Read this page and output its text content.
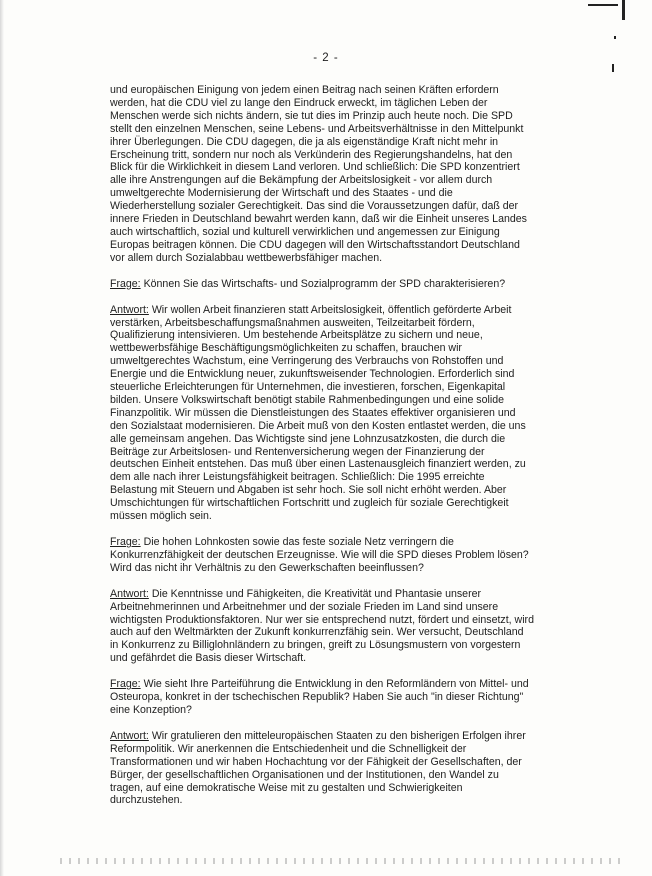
- 2 -

und europäischen Einigung von jedem einen Beitrag nach seinen Kräften erfordern werden, hat die CDU viel zu lange den Eindruck erweckt, im täglichen Leben der Menschen werde sich nichts ändern, sie tut dies im Prinzip auch heute noch. Die SPD stellt den einzelnen Menschen, seine Lebens- und Arbeitsverhältnisse in den Mittelpunkt ihrer Überlegungen. Die CDU dagegen, die ja als eigenständige Kraft nicht mehr in Erscheinung tritt, sondern nur noch als Verkünderin des Regierungshandelns, hat den Blick für die Wirklichkeit in diesem Land verloren. Und schließlich: Die SPD konzentriert alle ihre Anstrengungen auf die Bekämpfung der Arbeitslosigkeit - vor allem durch umweltgerechte Modernisierung der Wirtschaft und des Staates - und die Wiederherstellung sozialer Gerechtigkeit. Das sind die Voraussetzungen dafür, daß der innere Frieden in Deutschland bewahrt werden kann, daß wir die Einheit unseres Landes auch wirtschaftlich, sozial und kulturell verwirklichen und angemessen zur Einigung Europas beitragen können. Die CDU dagegen will den Wirtschaftsstandort Deutschland vor allem durch Sozialabbau wettbewerbsfähiger machen.

Frage: Können Sie das Wirtschafts- und Sozialprogramm der SPD charakterisieren?

Antwort: Wir wollen Arbeit finanzieren statt Arbeitslosigkeit, öffentlich geförderte Arbeit verstärken, Arbeitsbeschaffungsmaßnahmen ausweiten, Teilzeitarbeit fördern, Qualifizierung intensivieren. Um bestehende Arbeitsplätze zu sichern und neue, wettbewerbsfähige Beschäftigungsmöglichkeiten zu schaffen, brauchen wir umweltgerechtes Wachstum, eine Verringerung des Verbrauchs von Rohstoffen und Energie und die Entwicklung neuer, zukunftsweisender Technologien. Erforderlich sind steuerliche Erleichterungen für Unternehmen, die investieren, forschen, Eigenkapital bilden. Unsere Volkswirtschaft benötigt stabile Rahmenbedingungen und eine solide Finanzpolitik. Wir müssen die Dienstleistungen des Staates effektiver organisieren und den Sozialstaat modernisieren. Die Arbeit muß von den Kosten entlastet werden, die uns alle gemeinsam angehen. Das Wichtigste sind jene Lohnzusatzkosten, die durch die Beiträge zur Arbeitslosen- und Rentenversicherung wegen der Finanzierung der deutschen Einheit entstehen. Das muß über einen Lastenausgleich finanziert werden, zu dem alle nach ihrer Leistungsfähigkeit beitragen. Schließlich: Die 1995 erreichte Belastung mit Steuern und Abgaben ist sehr hoch. Sie soll nicht erhöht werden. Aber Umschichtungen für wirtschaftlichen Fortschritt und zugleich für soziale Gerechtigkeit müssen möglich sein.

Frage: Die hohen Lohnkosten sowie das feste soziale Netz verringern die Konkurrenzfähigkeit der deutschen Erzeugnisse. Wie will die SPD dieses Problem lösen? Wird das nicht ihr Verhältnis zu den Gewerkschaften beeinflussen?

Antwort: Die Kenntnisse und Fähigkeiten, die Kreativität und Phantasie unserer Arbeitnehmerinnen und Arbeitnehmer und der soziale Frieden im Land sind unsere wichtigsten Produktionsfaktoren. Nur wer sie entsprechend nutzt, fördert und einsetzt, wird auch auf den Weltmärkten der Zukunft konkurrenzfähig sein. Wer versucht, Deutschland in Konkurrenz zu Billiglohnländern zu bringen, greift zu Lösungsmustern von vorgestern und gefährdet die Basis dieser Wirtschaft.

Frage: Wie sieht Ihre Parteiführung die Entwicklung in den Reformländern von Mittel- und Osteuropa, konkret in der tschechischen Republik? Haben Sie auch "in dieser Richtung" eine Konzeption?

Antwort: Wir gratulieren den mitteleuropäischen Staaten zu den bisherigen Erfolgen ihrer Reformpolitik. Wir anerkennen die Entschiedenheit und die Schnelligkeit der Transformationen und wir haben Hochachtung vor der Fähigkeit der Gesellschaften, der Bürger, der gesellschaftlichen Organisationen und der Institutionen, den Wandel zu tragen, auf eine demokratische Weise mit zu gestalten und Schwierigkeiten durchzustehen.
